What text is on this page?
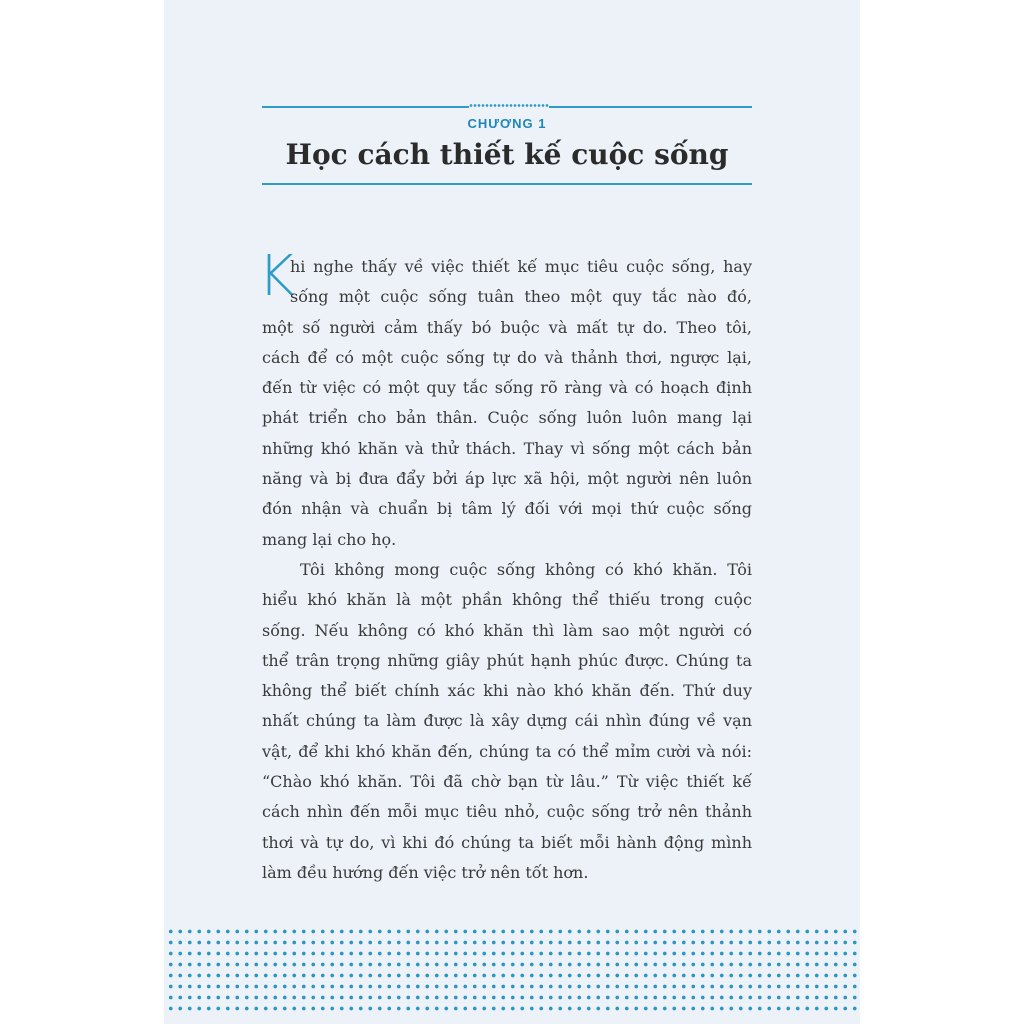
CHƯƠNG 1
Học cách thiết kế cuộc sống
K
hi nghe thấy về việc thiết kế mục tiêu cuộc sống, hay
sống một cuộc sống tuân theo một quy tắc nào đó,
một số người cảm thấy bó buộc và mất tự do. Theo tôi,
cách để có một cuộc sống tự do và thảnh thơi, ngược lại,
đến từ việc có một quy tắc sống rõ ràng và có hoạch định
phát triển cho bản thân. Cuộc sống luôn luôn mang lại
những khó khăn và thử thách. Thay vì sống một cách bản
năng và bị đưa đẩy bởi áp lực xã hội, một người nên luôn
đón nhận và chuẩn bị tâm lý đối với mọi thứ cuộc sống
mang lại cho họ.
Tôi không mong cuộc sống không có khó khăn. Tôi
hiểu khó khăn là một phần không thể thiếu trong cuộc
sống. Nếu không có khó khăn thì làm sao một người có
thể trân trọng những giây phút hạnh phúc được. Chúng ta
không thể biết chính xác khi nào khó khăn đến. Thứ duy
nhất chúng ta làm được là xây dựng cái nhìn đúng về vạn
vật, để khi khó khăn đến, chúng ta có thể mỉm cười và nói:
“Chào khó khăn. Tôi đã chờ bạn từ lâu.” Từ việc thiết kế
cách nhìn đến mỗi mục tiêu nhỏ, cuộc sống trở nên thảnh
thơi và tự do, vì khi đó chúng ta biết mỗi hành động mình
làm đều hướng đến việc trở nên tốt hơn.
